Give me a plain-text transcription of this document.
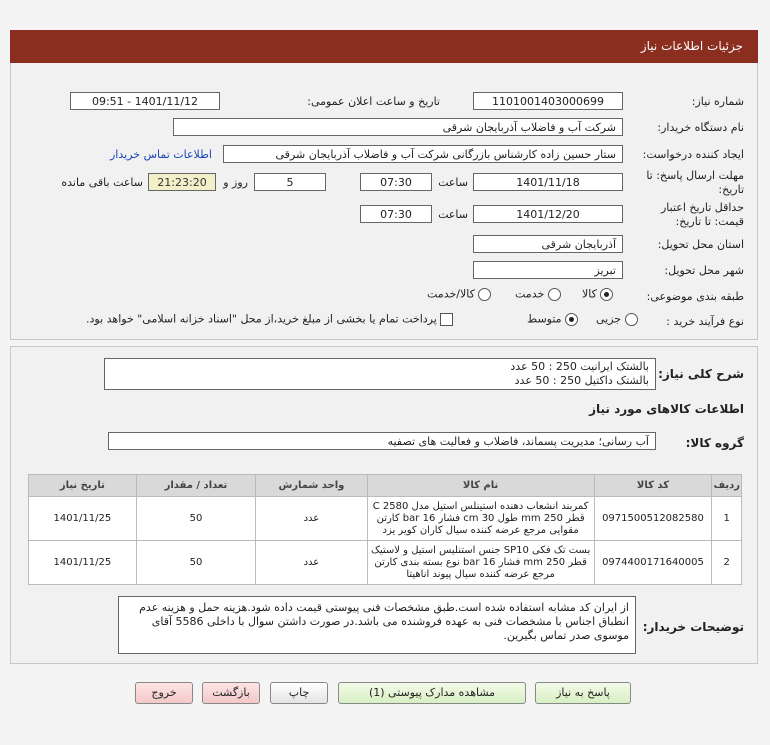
جزئیات اطلاعات نیاز
شماره نیاز:
1101001403000699
تاریخ و ساعت اعلان عمومی:
1401/11/12 - 09:51
نام دستگاه خریدار:
شرکت آب و فاضلاب آذربایجان شرقی
ایجاد کننده درخواست:
ستار حسین زاده کارشناس بازرگانی شرکت آب و فاضلاب آذربایجان شرقی
اطلاعات تماس خریدار
مهلت ارسال پاسخ: تا تاریخ:
1401/11/18
ساعت
07:30
5
روز و
21:23:20
ساعت باقی مانده
حداقل تاریخ اعتبار قیمت: تا تاریخ:
1401/12/20
ساعت
07:30
استان محل تحویل:
آذربایجان شرقی
شهر محل تحویل:
تبریز
طبقه بندی موضوعی:
کالا
خدمت
کالا/خدمت
نوع فرآیند خرید :
جزیی
متوسط
پرداخت تمام یا بخشی از مبلغ خرید،از محل "اسناد خزانه اسلامی" خواهد بود.
شرح کلی نیاز:
بالشتک ایرانیت 250 : 50 عدد
بالشتک داکتیل 250 : 50 عدد
اطلاعات کالاهای مورد نیاز
گروه کالا:
آب رسانی؛ مدیریت پسماند، فاضلاب و فعالیت های تصفیه
ردیف	کد کالا	نام کالا	واحد شمارش	تعداد / مقدار	تاریخ نیاز
1	0971500512082580	کمربند انشعاب دهنده استینلس استیل مدل C 2580 قطر 250 mm طول 30 cm فشار 16 bar کارتن مقوایی مرجع عرضه کننده سیال کاران کویر یزد	عدد	50	1401/11/25
2	0974400171640005	بست تک فکی SP10 جنس استنلیس استیل و لاستیک قطر 250 mm فشار 16 bar نوع بسته بندی کارتن مرجع عرضه کننده سیال پیوند اناهیتا	عدد	50	1401/11/25
توضیحات خریدار:
از ایران کد مشابه استفاده شده است.طبق مشخصات فنی پیوستی قیمت داده شود.هزینه حمل و هزینه عدم انطباق اجناس با مشخصات فنی به عهده فروشنده می باشد.در صورت داشتن سوال با داخلی 5586 آقای موسوی صدر تماس بگیرین.
پاسخ به نیاز
مشاهده مدارک پیوستی (1)
چاپ
بازگشت
خروج
